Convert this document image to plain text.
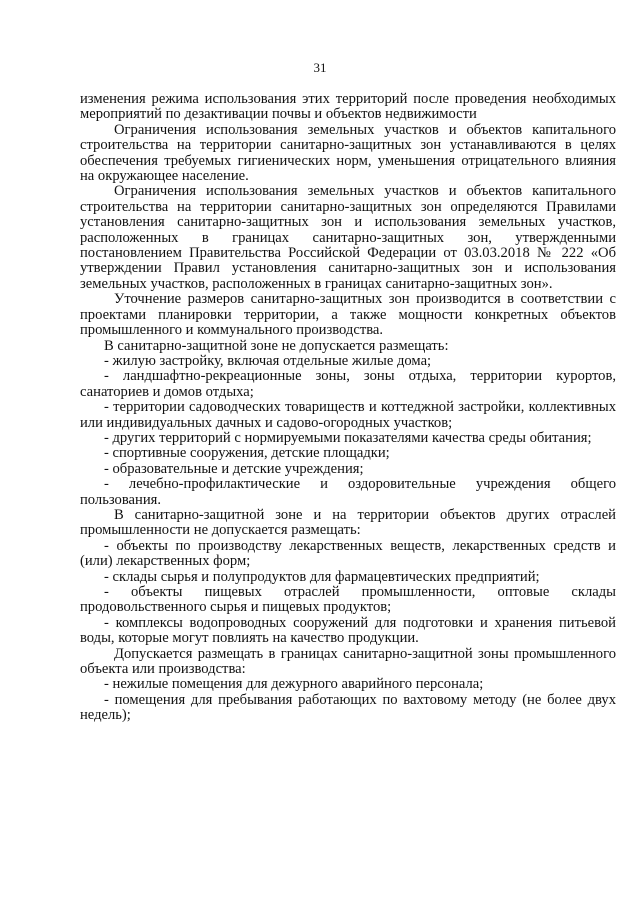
31

изменения режима использования этих территорий после проведения необходимых мероприятий по дезактивации почвы и объектов недвижимости

Ограничения использования земельных участков и объектов капитального строительства на территории санитарно-защитных зон устанавливаются в целях обеспечения требуемых гигиенических норм, уменьшения отрицательного влияния на окружающее население.

Ограничения использования земельных участков и объектов капитального строительства на территории санитарно-защитных зон определяются Правилами установления санитарно-защитных зон и использования земельных участков, расположенных в границах санитарно-защитных зон, утвержденными постановлением Правительства Российской Федерации от 03.03.2018 № 222 «Об утверждении Правил установления санитарно-защитных зон и использования земельных участков, расположенных в границах санитарно-защитных зон».

Уточнение размеров санитарно-защитных зон производится в соответствии с проектами планировки территории, а также мощности конкретных объектов промышленного и коммунального производства.

В санитарно-защитной зоне не допускается размещать:

- жилую застройку, включая отдельные жилые дома;

- ландшафтно-рекреационные зоны, зоны отдыха, территории курортов, санаториев и домов отдыха;

- территории садоводческих товариществ и коттеджной застройки, коллективных или индивидуальных дачных и садово-огородных участков;

- других территорий с нормируемыми показателями качества среды обитания;

- спортивные сооружения, детские площадки;

- образовательные и детские учреждения;

- лечебно-профилактические и оздоровительные учреждения общего пользования.

В санитарно-защитной зоне и на территории объектов других отраслей промышленности не допускается размещать:

- объекты по производству лекарственных веществ, лекарственных средств и (или) лекарственных форм;

- склады сырья и полупродуктов для фармацевтических предприятий;

- объекты пищевых отраслей промышленности, оптовые склады продовольственного сырья и пищевых продуктов;

- комплексы водопроводных сооружений для подготовки и хранения питьевой воды, которые могут повлиять на качество продукции.

Допускается размещать в границах санитарно-защитной зоны промышленного объекта или производства:

- нежилые помещения для дежурного аварийного персонала;

- помещения для пребывания работающих по вахтовому методу (не более двух недель);
